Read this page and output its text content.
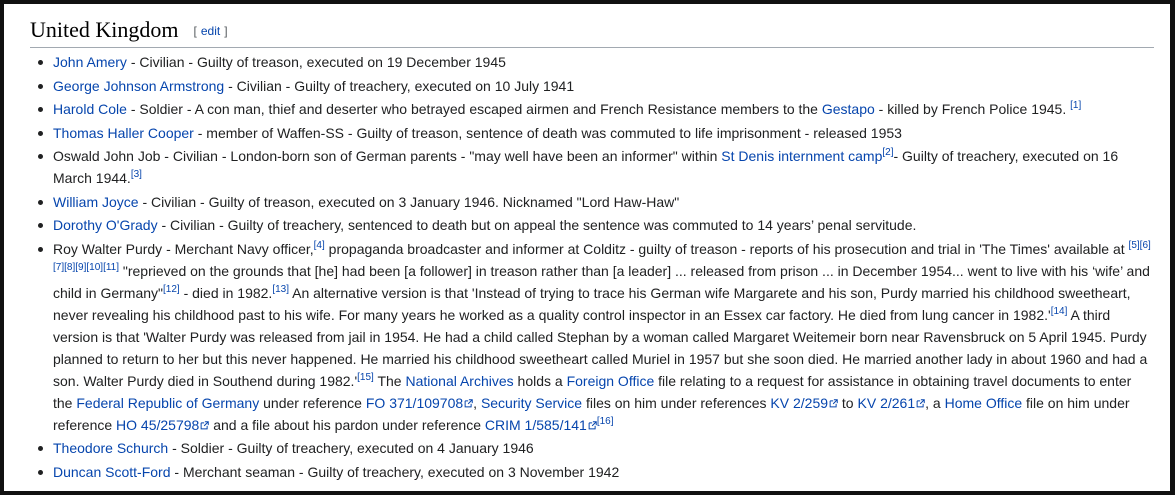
United Kingdom [ edit ]
John Amery - Civilian - Guilty of treason, executed on 19 December 1945
George Johnson Armstrong - Civilian - Guilty of treachery, executed on 10 July 1941
Harold Cole - Soldier - A con man, thief and deserter who betrayed escaped airmen and French Resistance members to the Gestapo - killed by French Police 1945. [1]
Thomas Haller Cooper - member of Waffen-SS - Guilty of treason, sentence of death was commuted to life imprisonment - released 1953
Oswald John Job - Civilian - London-born son of German parents - "may well have been an informer" within St Denis internment camp[2]- Guilty of treachery, executed on 16 March 1944.[3]
William Joyce - Civilian - Guilty of treason, executed on 3 January 1946. Nicknamed "Lord Haw-Haw"
Dorothy O'Grady - Civilian - Guilty of treachery, sentenced to death but on appeal the sentence was commuted to 14 years’ penal servitude.
Roy Walter Purdy - Merchant Navy officer,[4] propaganda broadcaster and informer at Colditz - guilty of treason - reports of his prosecution and trial in 'The Times' available at [5][6][7][8][9][10][11] "reprieved on the grounds that [he] had been [a follower] in treason rather than [a leader] ... released from prison ... in December 1954... went to live with his ‘wife’ and child in Germany"[12] - died in 1982.[13] An alternative version is that 'Instead of trying to trace his German wife Margarete and his son, Purdy married his childhood sweetheart, never revealing his childhood past to his wife. For many years he worked as a quality control inspector in an Essex car factory. He died from lung cancer in 1982.'[14] A third version is that 'Walter Purdy was released from jail in 1954. He had a child called Stephan by a woman called Margaret Weitemeir born near Ravensbruck on 5 April 1945. Purdy planned to return to her but this never happened. He married his childhood sweetheart called Muriel in 1957 but she soon died. He married another lady in about 1960 and had a son. Walter Purdy died in Southend during 1982.'[15] The National Archives holds a Foreign Office file relating to a request for assistance in obtaining travel documents to enter the Federal Republic of Germany under reference FO 371/109708 , Security Service files on him under references KV 2/259 to KV 2/261 , a Home Office file on him under reference HO 45/25798 and a file about his pardon under reference CRIM 1/585/141 [16]
Theodore Schurch - Soldier - Guilty of treachery, executed on 4 January 1946
Duncan Scott-Ford - Merchant seaman - Guilty of treachery, executed on 3 November 1942
